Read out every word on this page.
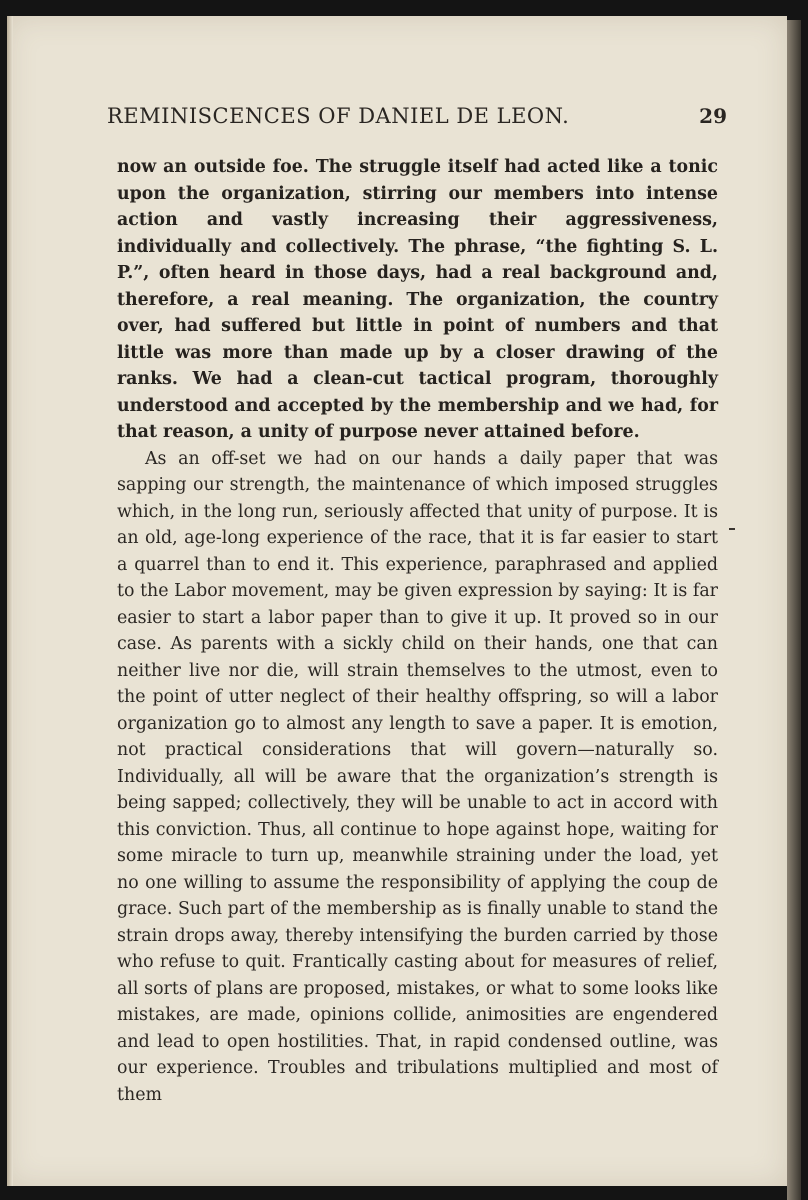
REMINISCENCES OF DANIEL DE LEON.	29

now an outside foe. The struggle itself had acted like a tonic upon the organization, stirring our members into intense action and vastly increasing their aggressiveness, individually and collectively. The phrase, “the fighting S. L. P.”, often heard in those days, had a real background and, therefore, a real meaning. The organization, the country over, had suffered but little in point of numbers and that little was more than made up by a closer drawing of the ranks. We had a clean-cut tactical program, thoroughly understood and accepted by the membership and we had, for that reason, a unity of purpose never attained before.

As an off-set we had on our hands a daily paper that was sapping our strength, the maintenance of which imposed struggles which, in the long run, seriously affected that unity of purpose. It is an old, age-long experience of the race, that it is far easier to start a quarrel than to end it. This experience, paraphrased and applied to the Labor movement, may be given expression by saying: It is far easier to start a labor paper than to give it up. It proved so in our case. As parents with a sickly child on their hands, one that can neither live nor die, will strain themselves to the utmost, even to the point of utter neglect of their healthy offspring, so will a labor organization go to almost any length to save a paper. It is emotion, not practical considerations that will govern—naturally so. Individually, all will be aware that the organization’s strength is being sapped; collectively, they will be unable to act in accord with this conviction. Thus, all continue to hope against hope, waiting for some miracle to turn up, meanwhile straining under the load, yet no one willing to assume the responsibility of applying the coup de grace. Such part of the membership as is finally unable to stand the strain drops away, thereby intensifying the burden carried by those who refuse to quit. Frantically casting about for measures of relief, all sorts of plans are proposed, mistakes, or what to some looks like mistakes, are made, opinions collide, animosities are engendered and lead to open hostilities. That, in rapid condensed outline, was our experience. Troubles and tribulations multiplied and most of them
